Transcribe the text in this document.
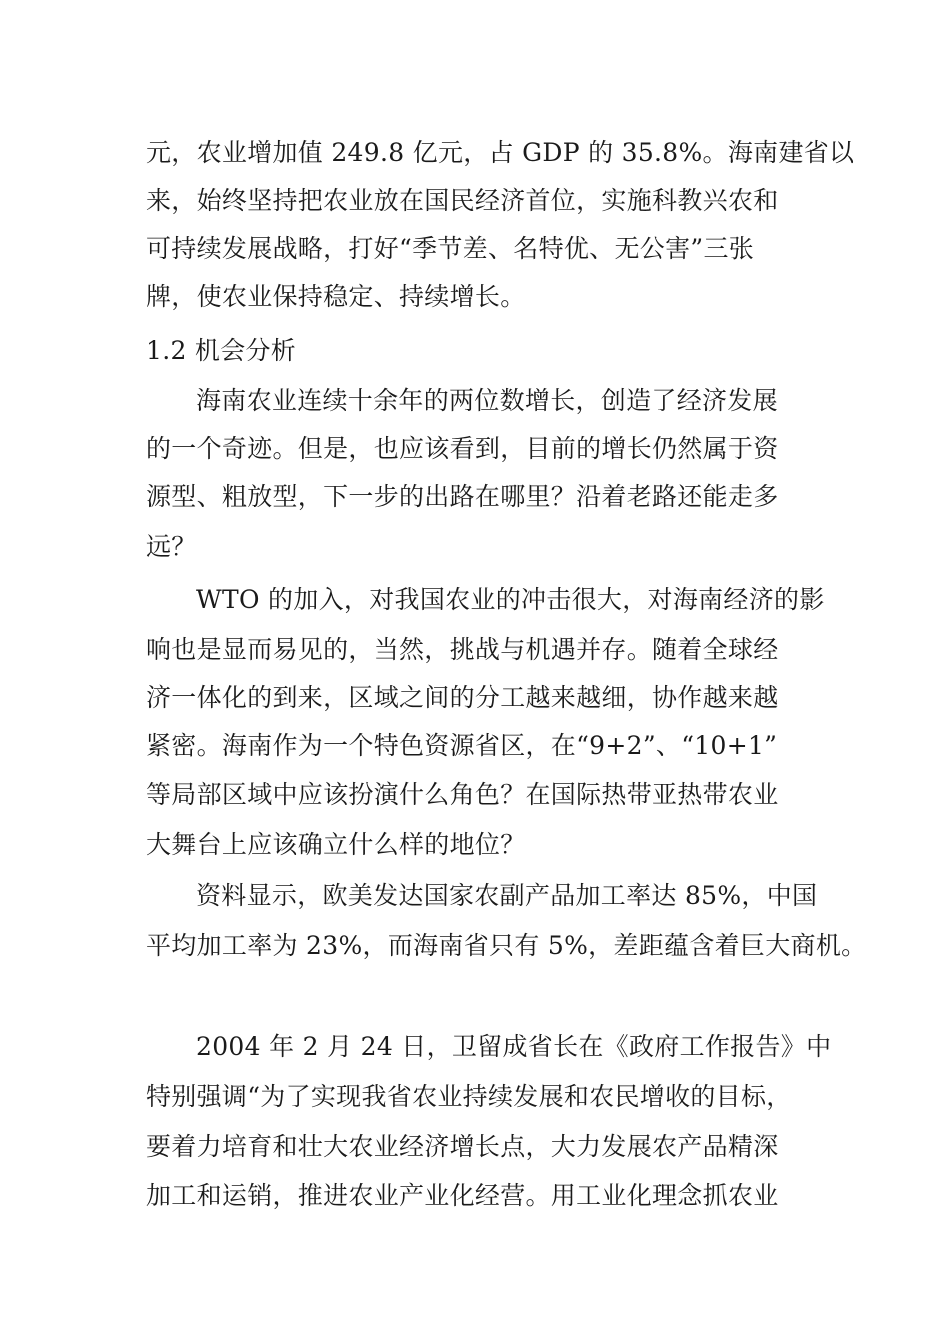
元，农业增加值 249.8 亿元，占 GDP 的 35.8%。海南建省以
来，始终坚持把农业放在国民经济首位，实施科教兴农和
可持续发展战略，打好“季节差、名特优、无公害”三张
牌，使农业保持稳定、持续增长。
1.2 机会分析
海南农业连续十余年的两位数增长，创造了经济发展
的一个奇迹。但是，也应该看到，目前的增长仍然属于资
源型、粗放型，下一步的出路在哪里？沿着老路还能走多
远？
WTO 的加入，对我国农业的冲击很大，对海南经济的影
响也是显而易见的，当然，挑战与机遇并存。随着全球经
济一体化的到来，区域之间的分工越来越细，协作越来越
紧密。海南作为一个特色资源省区，在“9+2”、“10+1”
等局部区域中应该扮演什么角色？在国际热带亚热带农业
大舞台上应该确立什么样的地位？
资料显示，欧美发达国家农副产品加工率达 85%，中国
平均加工率为 23%，而海南省只有 5%，差距蕴含着巨大商机。
2004 年 2 月 24 日，卫留成省长在《政府工作报告》中
特别强调“为了实现我省农业持续发展和农民增收的目标，
要着力培育和壮大农业经济增长点，大力发展农产品精深
加工和运销，推进农业产业化经营。用工业化理念抓农业
